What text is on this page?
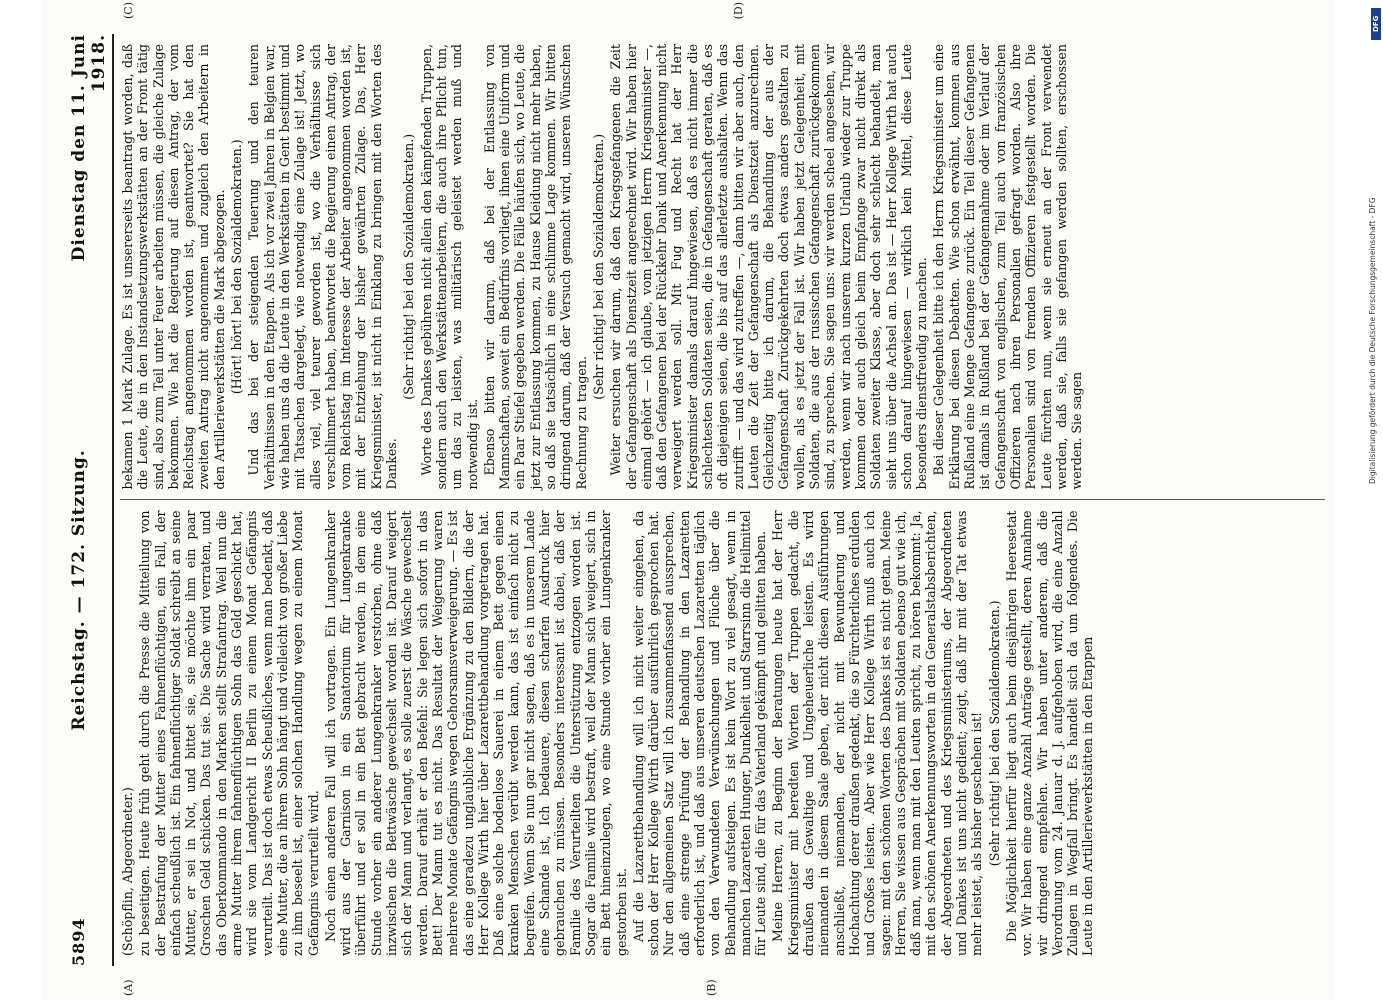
5894
Reichstag. — 172. Sitzung.
Dienstag den 11. Juni 1918.
(A)	(B)

(Schöpflin, Abgeordneter.) zu beseitigen. Heute früh geht durch die Presse die Mitteilung von der Bestrafung der Mutter eines Fahnenflüchtigen, ein Fall, der einfach scheußlich ist. Ein fahnenflüchtiger Soldat schreibt an seine Mutter, er sei in Not, und bittet sie, sie möchte ihm ein paar Groschen Geld schicken. Das tut sie. Die Sache wird verraten, und das Oberkommando in den Marken stellt Strafantrag. Weil nun die arme Mutter ihrem fahnenflüchtigen Sohn das Geld geschickt hat, wird sie vom Landgericht II Berlin zu einem Monat Gefängnis verurteilt. Das ist doch etwas Scheußliches, wenn man bedenkt, daß eine Mutter, die an ihrem Sohn hängt und vielleicht von großer Liebe zu ihm beseelt ist, einer solchen Handlung wegen zu einem Monat Gefängnis verurteilt wird. Noch einen anderen Fall will ich vortragen. Ein Lungenkranker wird aus der Garnison in ein Sanatorium für Lungenkranke überführt und er soll in ein Bett gebracht werden, in dem eine Stunde vorher ein anderer Lungenkranker verstorben, ohne daß inzwischen die Bettwäsche gewechselt worden ist. Darauf weigert sich der Mann und verlangt, es solle zuerst die Wäsche gewechselt werden. Darauf erhält er den Befehl: Sie legen sich sofort in das Bett! Der Mann tut es nicht. Das Resultat der Weigerung waren mehrere Monate Gefängnis wegen Gehorsamsverweigerung. — Es ist das eine geradezu unglaubliche Ergänzung zu den Bildern, die der Herr Kollege Wirth hier über Lazarettbehandlung vorgetragen hat. Daß eine solche bodenlose Sauerei in einem Bett gegen einen kranken Menschen verübt werden kann, das ist einfach nicht zu begreifen. Wenn Sie nun gar nicht sagen, daß es in unserem Lande eine Schande ist, Ich bedauere, diesen scharfen Ausdruck hier gebrauchen zu müssen. Besonders interessant ist dabei, daß der Familie des Verurteilten die Unterstützung entzogen worden ist. Sogar die Familie wird bestraft, weil der Mann sich weigert, sich in ein Bett hineinzulegen, wo eine Stunde vorher ein Lungenkranker gestorben ist. Auf die Lazarettbehandlung will ich nicht weiter eingehen, da schon der Herr Kollege Wirth darüber ausführlich gesprochen hat. Nur den allgemeinen Satz will ich zusammenfassend aussprechen, daß eine strenge Prüfung der Behandlung in den Lazaretten erforderlich ist, und daß aus unseren deutschen Lazaretten täglich von den Verwundeten Verwünschungen und Flüche über die Behandlung aufsteigen. Es ist kein Wort zu viel gesagt, wenn in manchen Lazaretten Hunger, Dunkelheit und Starrsinn die Heilmittel für Leute sind, die für das Vaterland gekämpft und gelitten haben. Meine Herren, zu Beginn der Beratungen heute hat der Herr Kriegsminister mit beredten Worten der Truppen gedacht, die draußen das Gewaltige und Ungeheuerliche leisten. Es wird niemanden in diesem Saale geben, der nicht diesen Ausführungen anschließt, niemanden, der nicht mit Bewunderung und Hochachtung derer draußen gedenkt, die so Fürchterliches erdulden und Großes leisten. Aber wie Herr Kollege Wirth muß auch ich sagen: mit den schönen Worten des Dankes ist es nicht getan. Meine Herren, Sie wissen aus Gesprächen mit Soldaten ebenso gut wie ich, daß man, wenn man mit den Leuten spricht, zu hören bekommt: Ja, mit den schönen Anerkennungsworten in den Generalstabsberichten, der Abgeordneten und des Kriegsministeriums, der Abgeordneten und Dankes ist uns nicht gedient; zeigt, daß ihr mit der Tat etwas mehr leistet, als bisher geschehen ist! (Sehr richtig! bei den Sozialdemokraten.) Die Möglichkeit hierfür liegt auch beim diesjährigen Heeresetat vor. Wir haben eine ganze Anzahl Anträge gestellt, deren Annahme wir dringend empfehlen. Wir haben unter anderem, daß die Verordnung vom 24. Januar d. J. aufgehoben wird, die eine Anzahl Zulagen in Wegfall bringt. Es handelt sich da um folgendes. Die Leute in den Artilleriewerkstätten in den Etappen

(C)	(D)

bekamen 1 Mark Zulage. Es ist unsererseits beantragt worden, daß die Leute, die in den Instandsetzungswerkstätten an der Front tätig sind, also zum Teil unter Feuer arbeiten müssen, die gleiche Zulage bekommen. Wie hat die Regierung auf diesen Antrag, der vom Reichstag angenommen worden ist, geantwortet? Sie hat den zweiten Antrag nicht angenommen und zugleich den Arbeitern in den Artilleriewerkstätten die Mark abgezogen. (Hört! hört! bei den Sozialdemokraten.) Und das bei der steigenden Teuerung und den teuren Verhältnissen in den Etappen. Als ich vor zwei Jahren in Belgien war, wie haben uns da die Leute in den Werkstätten in Gent bestimmt und mit Tatsachen dargelegt, wie notwendig eine Zulage ist! Jetzt, wo alles viel, viel teurer geworden ist, wo die Verhältnisse sich verschlimmert haben, beantwortet die Regierung einen Antrag, der vom Reichstag im Interesse der Arbeiter angenommen worden ist, mit der Entziehung der bisher gewährten Zulage. Das, Herr Kriegsminister, ist nicht in Einklang zu bringen mit den Worten des Dankes.

(Sehr richtig! bei den Sozialdemokraten.) Worte des Dankes gebühren nicht allein den kämpfenden Truppen, sondern auch den Werkstättenarbeitern, die auch ihre Pflicht tun, um das zu leisten, was militärisch geleistet werden muß und notwendig ist. Ebenso bitten wir darum, daß bei der Entlassung von Mannschaften, soweit ein Bedürfnis vorliegt, ihnen eine Uniform und ein Paar Stiefel gegeben werden. Die Fälle häufen sich, wo Leute, die jetzt zur Entlassung kommen, zu Hause Kleidung nicht mehr haben, so daß sie tatsächlich in eine schlimme Lage kommen. Wir bitten dringend darum, daß der Versuch gemacht wird, unseren Wünschen Rechnung zu tragen.

(Sehr richtig! bei den Sozialdemokraten.) Weiter ersuchen wir darum, daß den Kriegsgefangenen die Zeit der Gefangenschaft als Dienstzeit angerechnet wird. Wir haben hier einmal gehört — ich glaube, vom jetzigen Herrn Kriegsminister —, daß den Gefangenen bei der Rückkehr Dank und Anerkennung nicht verweigert werden soll. Mit Fug und Recht hat der Herr Kriegsminister damals darauf hingewiesen, daß es nicht immer die schlechtesten Soldaten seien, die in Gefangenschaft geraten, daß es oft diejenigen seien, die bis auf das allerletzte aushalten. Wenn das zutrifft — und das wird zutreffen —, dann bitten wir aber auch, den Leuten die Zeit der Gefangenschaft als Dienstzeit anzurechnen. Gleichzeitig bitte ich darum, die Behandlung der aus der Gefangenschaft Zurückgekehrten doch etwas anders gestalten zu wollen, als es jetzt der Fall ist. Wir haben jetzt Gelegenheit, mit Soldaten, die aus der russischen Gefangenschaft zurückgekommen sind, zu sprechen. Sie sagen uns: wir werden scheel angesehen, wir werden, wenn wir nach unserem kurzen Urlaub wieder zur Truppe kommen oder auch gleich beim Empfange zwar nicht direkt als Soldaten zweiter Klasse, aber doch sehr schlecht behandelt, man sieht uns über die Achsel an. Das ist — Herr Kollege Wirth hat auch schon darauf hingewiesen — wirklich kein Mittel, diese Leute besonders dienstfreudig zu machen. Bei dieser Gelegenheit bitte ich den Herrn Kriegsminister um eine Erklärung bei diesen Debatten. Wie schon erwähnt, kommen aus Rußland eine Menge Gefangene zurück. Ein Teil dieser Gefangenen ist damals in Rußland bei der Gefangennahme oder im Verlauf der Gefangenschaft von englischen, zum Teil auch von französischen Offizieren nach ihren Personalien gefragt worden. Also ihre Personalien sind von fremden Offizieren festgestellt worden. Die Leute fürchten nun, wenn sie erneut an der Front verwendet werden, daß sie, falls sie gefangen werden sollten, erschossen werden. Sie sagen	Digitalisierung gefördert durch die Deutsche Forschungsgemeinschaft - DFG
DFG
